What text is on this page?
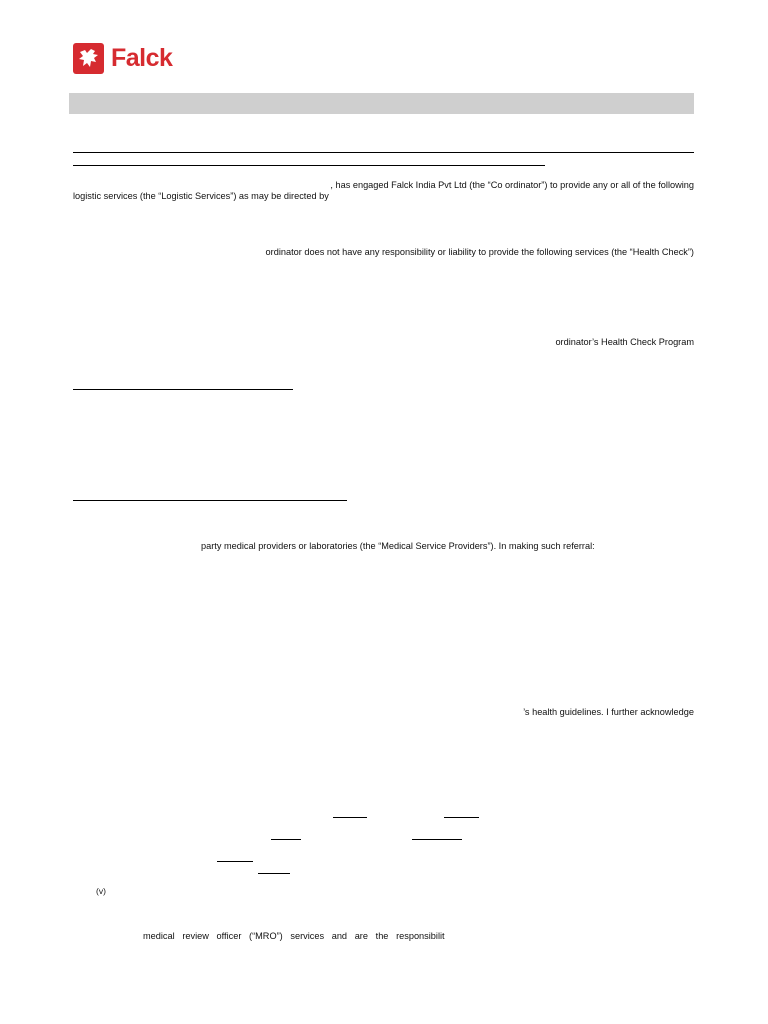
Falck
, has engaged Falck India Pvt Ltd (the “Co ordinator”) to provide any or all of the following
logistic services (the “Logistic Services”) as may be directed by
ordinator does not have any responsibility or liability to provide the following services (the “Health Check”)
ordinator’s Health Check Program
party medical providers or laboratories (the “Medical Service Providers”). In making such referral:
’s health guidelines. I further acknowledge
(v)
medical   review   officer   (“MRO”)   services   and   are   the   responsibilit
